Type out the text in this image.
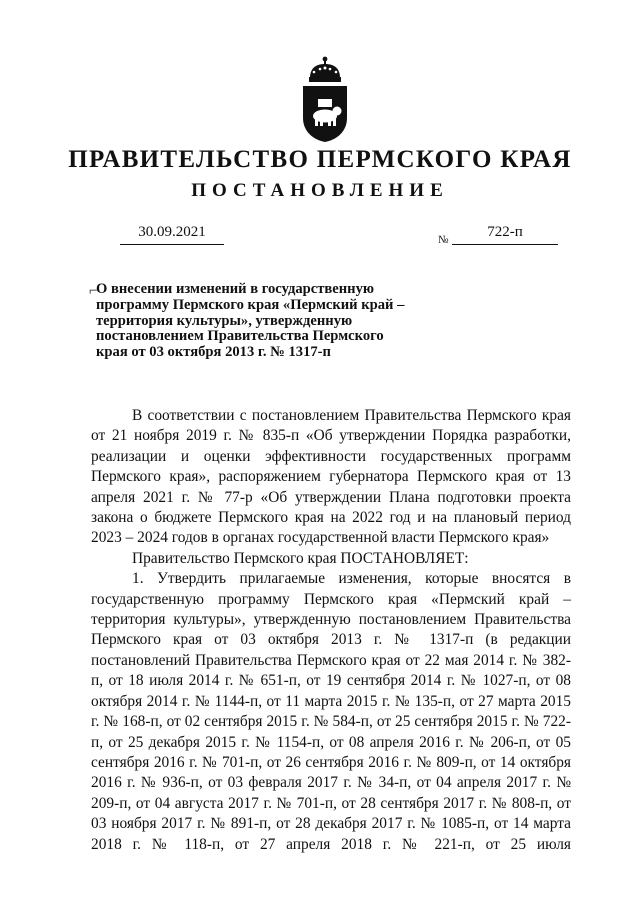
ПРАВИТЕЛЬСТВО ПЕРМСКОГО КРАЯ
ПОСТАНОВЛЕНИЕ
30.09.2021	№	722-п
⌐
О внесении изменений в государственную
программу Пермского края «Пермский край –
территория культуры», утвержденную
постановлением Правительства Пермского
края от 03 октября 2013 г. № 1317-п

В соответствии с постановлением Правительства Пермского края от 21 ноября 2019 г. № 835-п «Об утверждении Порядка разработки, реализации и оценки эффективности государственных программ Пермского края», распоряжением губернатора Пермского края от 13 апреля 2021 г. № 77-р «Об утверждении Плана подготовки проекта закона о бюджете Пермского края на 2022 год и на плановый период 2023 – 2024 годов в органах государственной власти Пермского края»

Правительство Пермского края ПОСТАНОВЛЯЕТ:

1. Утвердить прилагаемые изменения, которые вносятся в государственную программу Пермского края «Пермский край – территория культуры», утвержденную постановлением Правительства Пермского края от 03 октября 2013 г. № 1317-п (в редакции постановлений Правительства Пермского края от 22 мая 2014 г. № 382-п, от 18 июля 2014 г. № 651-п, от 19 сентября 2014 г. № 1027-п, от 08 октября 2014 г. № 1144-п, от 11 марта 2015 г. № 135-п, от 27 марта 2015 г. № 168-п, от 02 сентября 2015 г. № 584-п, от 25 сентября 2015 г. № 722-п, от 25 декабря 2015 г. № 1154-п, от 08 апреля 2016 г. № 206-п, от 05 сентября 2016 г. № 701-п, от 26 сентября 2016 г. № 809-п, от 14 октября 2016 г. № 936-п, от 03 февраля 2017 г. № 34-п, от 04 апреля 2017 г. № 209-п, от 04 августа 2017 г. № 701-п, от 28 сентября 2017 г. № 808-п, от 03 ноября 2017 г. № 891-п, от 28 декабря 2017 г. № 1085-п, от 14 марта 2018 г. № 118-п, от 27 апреля 2018 г. № 221-п, от 25 июля
